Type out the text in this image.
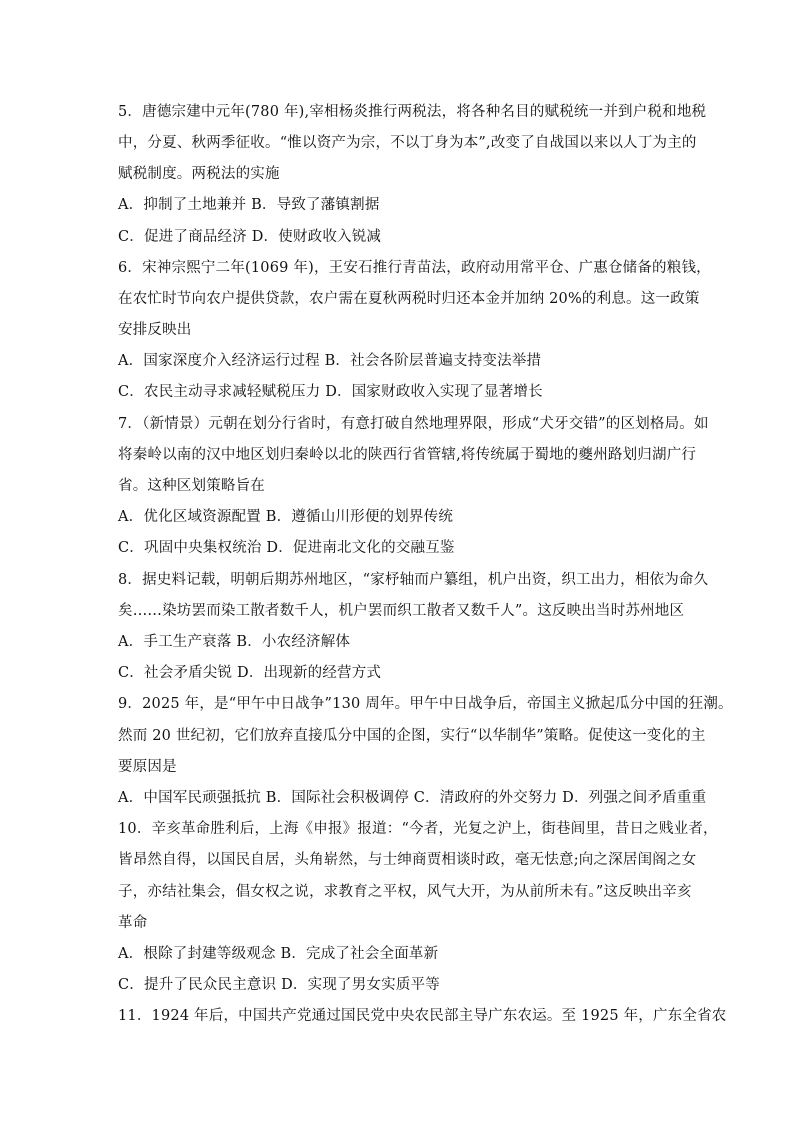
5．唐德宗建中元年(780 年),宰相杨炎推行两税法，将各种名目的赋税统一并到户税和地税
中，分夏、秋两季征收。“惟以资产为宗，不以丁身为本”,改变了自战国以来以人丁为主的
赋税制度。两税法的实施
A．抑制了土地兼并 B．导致了藩镇割据
C．促进了商品经济 D．使财政收入锐减
6．宋神宗熙宁二年(1069 年)，王安石推行青苗法，政府动用常平仓、广惠仓储备的粮钱，
在农忙时节向农户提供贷款，农户需在夏秋两税时归还本金并加纳 20%的利息。这一政策
安排反映出
A．国家深度介入经济运行过程 B．社会各阶层普遍支持变法举措
C．农民主动寻求减轻赋税压力 D．国家财政收入实现了显著增长
7．（新情景）元朝在划分行省时，有意打破自然地理界限，形成“犬牙交错”的区划格局。如
将秦岭以南的汉中地区划归秦岭以北的陕西行省管辖,将传统属于蜀地的夔州路划归湖广行
省。这种区划策略旨在
A．优化区域资源配置 B．遵循山川形便的划界传统
C．巩固中央集权统治 D．促进南北文化的交融互鉴
8．据史料记载，明朝后期苏州地区，“家杼轴而户纂组，机户出资，织工出力，相依为命久
矣……染坊罢而染工散者数千人，机户罢而织工散者又数千人”。这反映出当时苏州地区
A．手工生产衰落 B．小农经济解体
C．社会矛盾尖锐 D．出现新的经营方式
9．2025 年，是“甲午中日战争”130 周年。甲午中日战争后，帝国主义掀起瓜分中国的狂潮。
然而 20 世纪初，它们放弃直接瓜分中国的企图，实行“以华制华”策略。促使这一变化的主
要原因是
A．中国军民顽强抵抗 B．国际社会积极调停 C．清政府的外交努力 D．列强之间矛盾重重
10．辛亥革命胜利后，上海《申报》报道：“今者，光复之沪上，街巷闾里，昔日之贱业者，
皆昂然自得，以国民自居，头角崭然，与士绅商贾相谈时政，毫无怯意;向之深居闺阁之女
子，亦结社集会，倡女权之说，求教育之平权，风气大开，为从前所未有。”这反映出辛亥
革命
A．根除了封建等级观念 B．完成了社会全面革新
C．提升了民众民主意识 D．实现了男女实质平等
11．1924 年后，中国共产党通过国民党中央农民部主导广东农运。至 1925 年，广东全省农
